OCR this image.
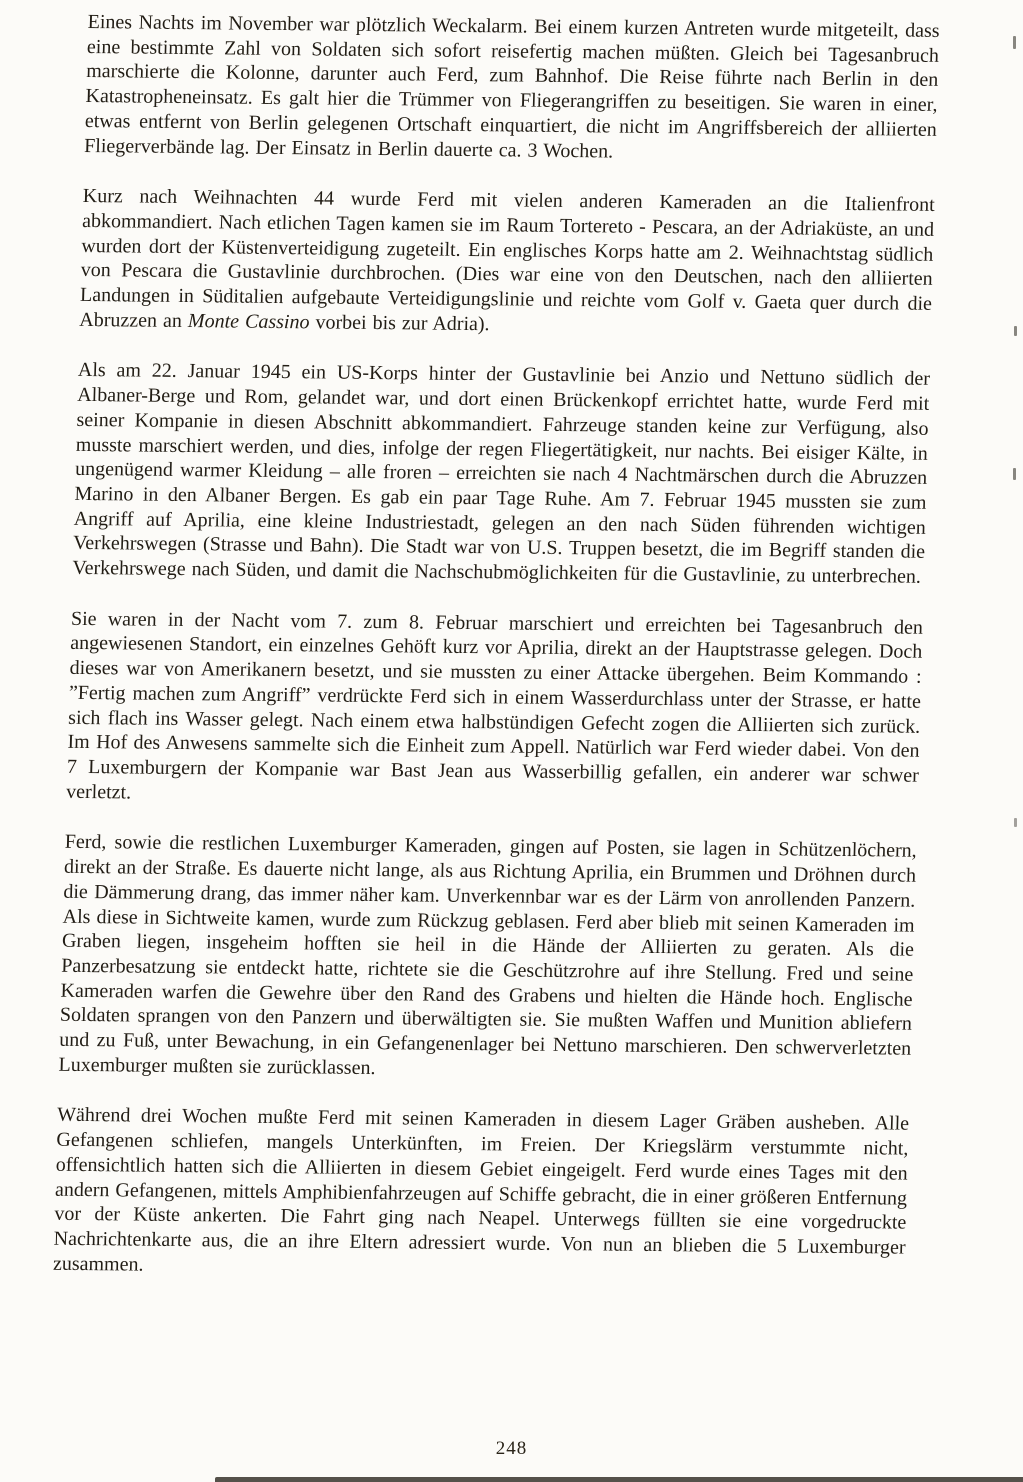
Eines Nachts im November war plötzlich Weckalarm. Bei einem kurzen Antreten wurde mitgeteilt, dass eine bestimmte Zahl von Soldaten sich sofort reisefertig machen müßten. Gleich bei Tagesanbruch marschierte die Kolonne, darunter auch Ferd, zum Bahnhof. Die Reise führte nach Berlin in den Katastropheneinsatz. Es galt hier die Trümmer von Fliegerangriffen zu beseitigen. Sie waren in einer, etwas entfernt von Berlin gelegenen Ortschaft einquartiert, die nicht im Angriffsbereich der alliierten Fliegerverbände lag. Der Einsatz in Berlin dauerte ca. 3 Wochen.

Kurz nach Weihnachten 44 wurde Ferd mit vielen anderen Kameraden an die Italienfront abkommandiert. Nach etlichen Tagen kamen sie im Raum Tortereto - Pescara, an der Adriaküste, an und wurden dort der Küstenverteidigung zugeteilt. Ein englisches Korps hatte am 2. Weihnachtstag südlich von Pescara die Gustavlinie durchbrochen. (Dies war eine von den Deutschen, nach den alliierten Landungen in Süditalien aufgebaute Verteidigungslinie und reichte vom Golf v. Gaeta quer durch die Abruzzen an Monte Cassino vorbei bis zur Adria).

Als am 22. Januar 1945 ein US-Korps hinter der Gustavlinie bei Anzio und Nettuno südlich der Albaner-Berge und Rom, gelandet war, und dort einen Brückenkopf errichtet hatte, wurde Ferd mit seiner Kompanie in diesen Abschnitt abkommandiert. Fahrzeuge standen keine zur Verfügung, also musste marschiert werden, und dies, infolge der regen Fliegertätigkeit, nur nachts. Bei eisiger Kälte, in ungenügend warmer Kleidung – alle froren – erreichten sie nach 4 Nachtmärschen durch die Abruzzen Marino in den Albaner Bergen. Es gab ein paar Tage Ruhe. Am 7. Februar 1945 mussten sie zum Angriff auf Aprilia, eine kleine Industriestadt, gelegen an den nach Süden führenden wichtigen Verkehrswegen (Strasse und Bahn). Die Stadt war von U.S. Truppen besetzt, die im Begriff standen die Verkehrswege nach Süden, und damit die Nachschubmöglichkeiten für die Gustavlinie, zu unterbrechen.

Sie waren in der Nacht vom 7. zum 8. Februar marschiert und erreichten bei Tagesanbruch den angewiesenen Standort, ein einzelnes Gehöft kurz vor Aprilia, direkt an der Hauptstrasse gelegen. Doch dieses war von Amerikanern besetzt, und sie mussten zu einer Attacke übergehen. Beim Kommando : ”Fertig machen zum Angriff” verdrückte Ferd sich in einem Wasserdurchlass unter der Strasse, er hatte sich flach ins Wasser gelegt. Nach einem etwa halbstündigen Gefecht zogen die Alliierten sich zurück. Im Hof des Anwesens sammelte sich die Einheit zum Appell. Natürlich war Ferd wieder dabei. Von den 7 Luxemburgern der Kompanie war Bast Jean aus Wasserbillig gefallen, ein anderer war schwer verletzt.

Ferd, sowie die restlichen Luxemburger Kameraden, gingen auf Posten, sie lagen in Schützenlöchern, direkt an der Straße. Es dauerte nicht lange, als aus Richtung Aprilia, ein Brummen und Dröhnen durch die Dämmerung drang, das immer näher kam. Unverkennbar war es der Lärm von anrollenden Panzern. Als diese in Sichtweite kamen, wurde zum Rückzug geblasen. Ferd aber blieb mit seinen Kameraden im Graben liegen, insgeheim hofften sie heil in die Hände der Alliierten zu geraten. Als die Panzerbesatzung sie entdeckt hatte, richtete sie die Geschützrohre auf ihre Stellung. Fred und seine Kameraden warfen die Gewehre über den Rand des Grabens und hielten die Hände hoch. Englische Soldaten sprangen von den Panzern und überwältigten sie. Sie mußten Waffen und Munition abliefern und zu Fuß, unter Bewachung, in ein Gefangenenlager bei Nettuno marschieren. Den schwerverletzten Luxemburger mußten sie zurücklassen.

Während drei Wochen mußte Ferd mit seinen Kameraden in diesem Lager Gräben ausheben. Alle Gefangenen schliefen, mangels Unterkünften, im Freien. Der Kriegslärm verstummte nicht, offensichtlich hatten sich die Alliierten in diesem Gebiet eingeigelt. Ferd wurde eines Tages mit den andern Gefangenen, mittels Amphibienfahrzeugen auf Schiffe gebracht, die in einer größeren Entfernung vor der Küste ankerten. Die Fahrt ging nach Neapel. Unterwegs füllten sie eine vorgedruckte Nachrichtenkarte aus, die an ihre Eltern adressiert wurde. Von nun an blieben die 5 Luxemburger zusammen.

248
